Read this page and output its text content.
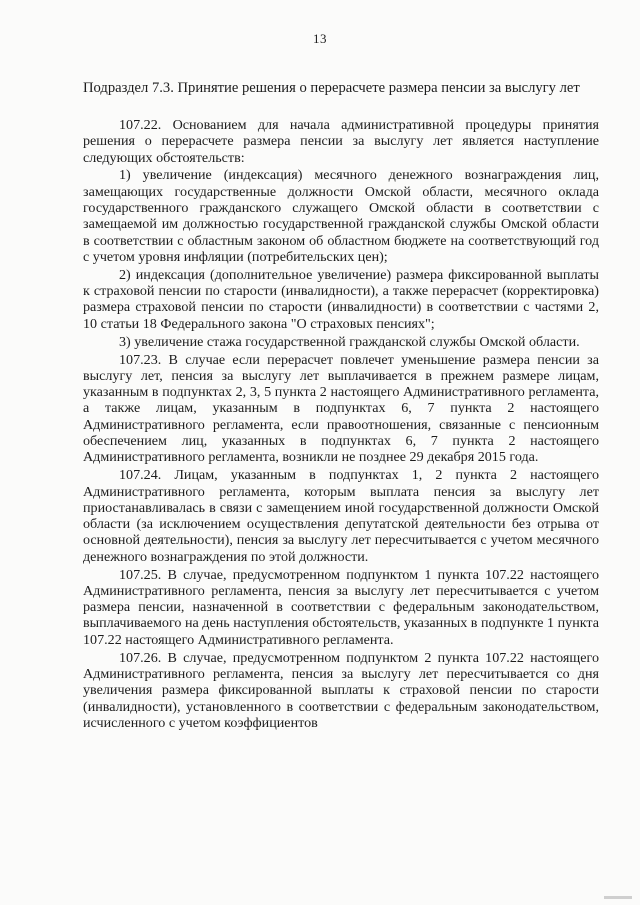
13
Подраздел 7.3. Принятие решения о перерасчете размера пенсии за выслугу лет

107.22. Основанием для начала административной процедуры принятия решения о перерасчете размера пенсии за выслугу лет является наступление следующих обстоятельств:

1) увеличение (индексация) месячного денежного вознаграждения лиц, замещающих государственные должности Омской области, месячного оклада государственного гражданского служащего Омской области в соответствии с замещаемой им должностью государственной гражданской службы Омской области в соответствии с областным законом об областном бюджете на соответствующий год с учетом уровня инфляции (потребительских цен);

2) индексация (дополнительное увеличение) размера фиксированной выплаты к страховой пенсии по старости (инвалидности), а также перерасчет (корректировка) размера страховой пенсии по старости (инвалидности) в соответствии с частями 2, 10 статьи 18 Федерального закона "О страховых пенсиях";

3) увеличение стажа государственной гражданской службы Омской области.

107.23. В случае если перерасчет повлечет уменьшение размера пенсии за выслугу лет, пенсия за выслугу лет выплачивается в прежнем размере лицам, указанным в подпунктах 2, 3, 5 пункта 2 настоящего Административного регламента, а также лицам, указанным в подпунктах 6, 7 пункта 2 настоящего Административного регламента, если правоотношения, связанные с пенсионным обеспечением лиц, указанных в подпунктах 6, 7 пункта 2 настоящего Административного регламента, возникли не позднее 29 декабря 2015 года.

107.24. Лицам, указанным в подпунктах 1, 2 пункта 2 настоящего Административного регламента, которым выплата пенсия за выслугу лет приостанавливалась в связи с замещением иной государственной должности Омской области (за исключением осуществления депутатской деятельности без отрыва от основной деятельности), пенсия за выслугу лет пересчитывается с учетом месячного денежного вознаграждения по этой должности.

107.25. В случае, предусмотренном подпунктом 1 пункта 107.22 настоящего Административного регламента, пенсия за выслугу лет пересчитывается с учетом размера пенсии, назначенной в соответствии с федеральным законодательством, выплачиваемого на день наступления обстоятельств, указанных в подпункте 1 пункта 107.22 настоящего Административного регламента.

107.26. В случае, предусмотренном подпунктом 2 пункта 107.22 настоящего Административного регламента, пенсия за выслугу лет пересчитывается со дня увеличения размера фиксированной выплаты к страховой пенсии по старости (инвалидности), установленного в соответствии с федеральным законодательством, исчисленного с учетом коэффициентов
